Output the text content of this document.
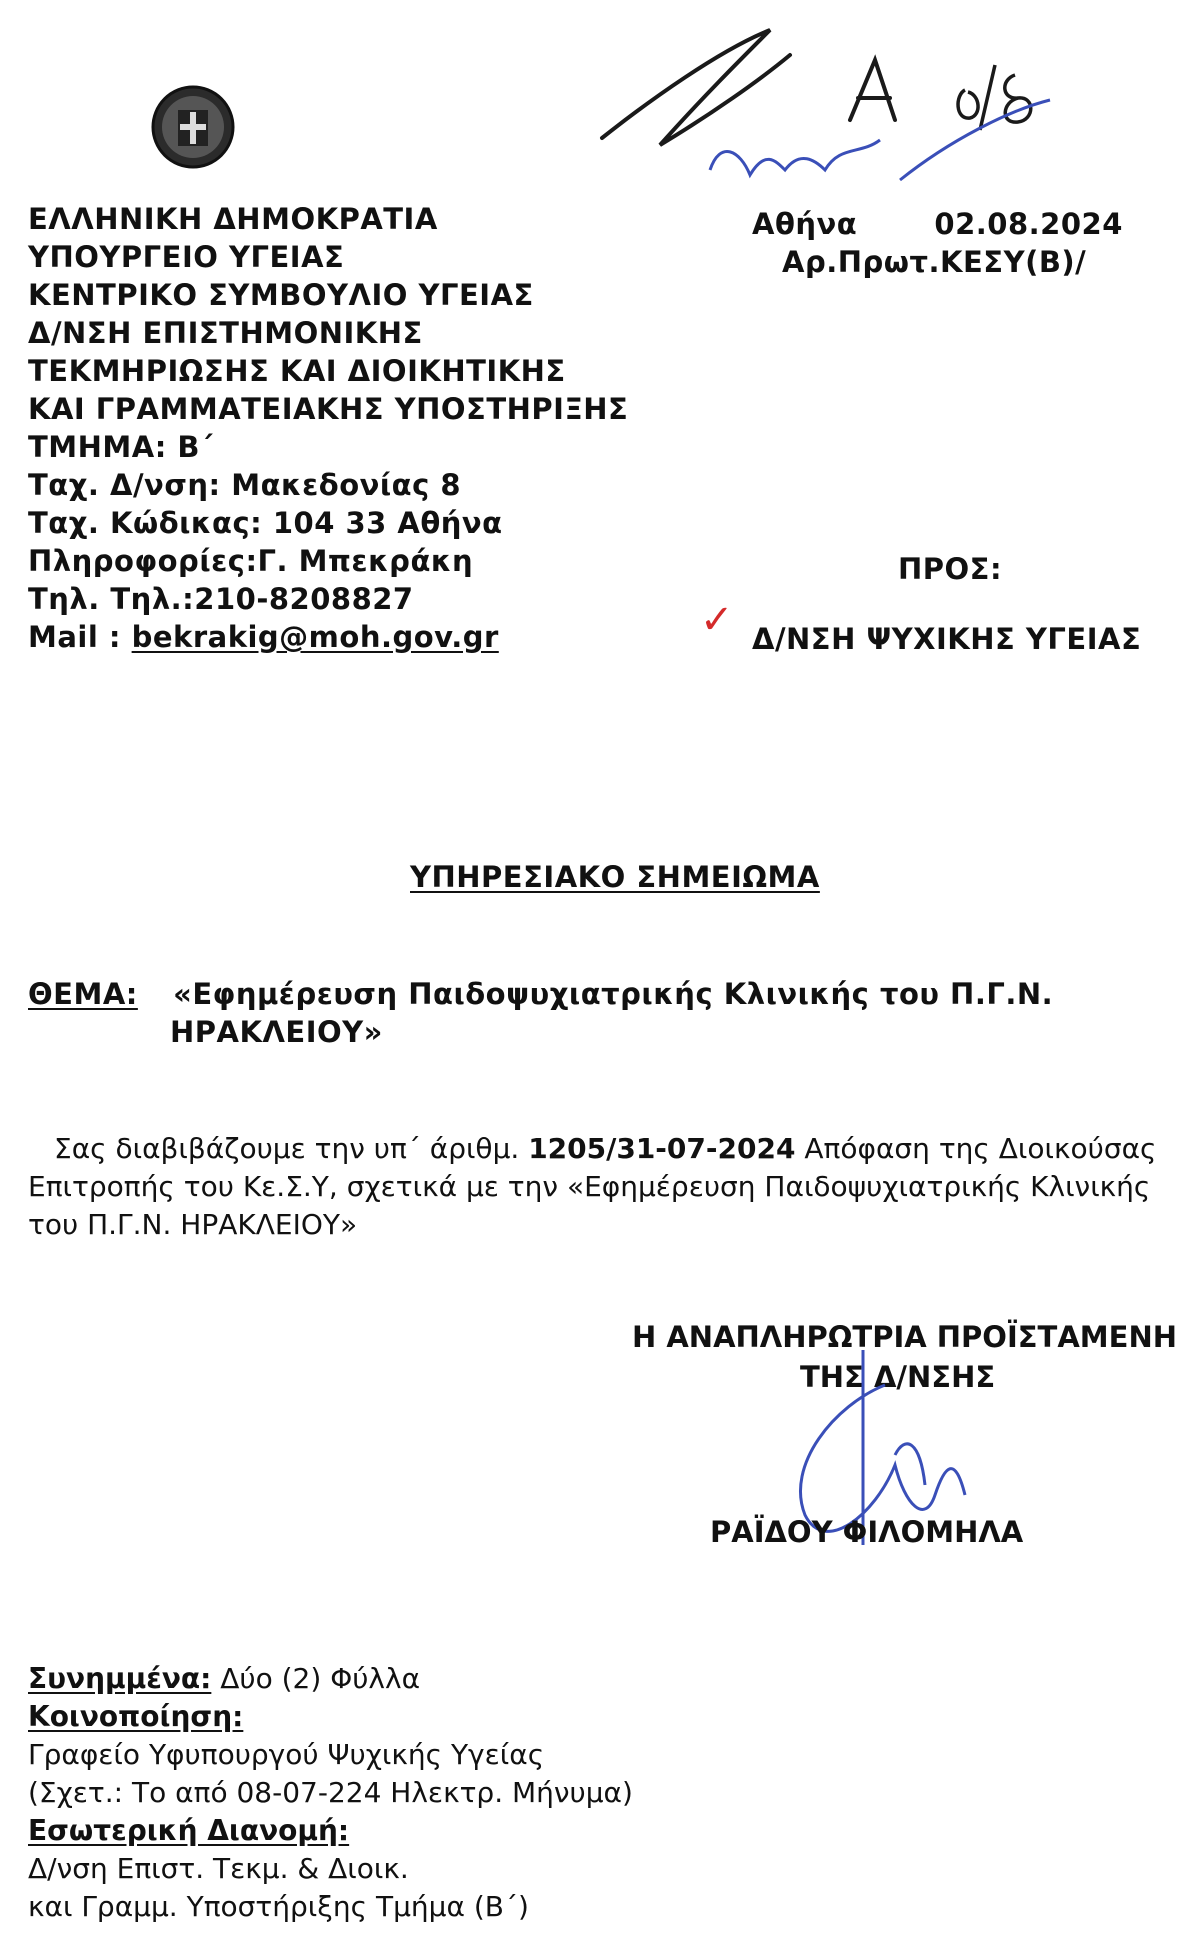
ΕΛΛΗΝΙΚΗ ΔΗΜΟΚΡΑΤΙΑ
ΥΠΟΥΡΓΕΙΟ ΥΓΕΙΑΣ
ΚΕΝΤΡΙΚΟ ΣΥΜΒΟΥΛΙΟ ΥΓΕΙΑΣ
Δ/ΝΣΗ ΕΠΙΣΤΗΜΟΝΙΚΗΣ
ΤΕΚΜΗΡΙΩΣΗΣ ΚΑΙ ΔΙΟΙΚΗΤΙΚΗΣ
ΚΑΙ ΓΡΑΜΜΑΤΕΙΑΚΗΣ ΥΠΟΣΤΗΡΙΞΗΣ
ΤΜΗΜΑ: Β΄
Ταχ. Δ/νση: Μακεδονίας 8
Ταχ. Κώδικας: 104 33 Αθήνα
Πληροφορίες:Γ. Μπεκράκη
Τηλ. Τηλ.:210-8208827
Mail : bekrakig@moh.gov.gr
Αθήνα	02.08.2024
Αρ.Πρωτ.ΚΕΣΥ(Β)/
ΠΡΟΣ:
✓ Δ/ΝΣΗ ΨΥΧΙΚΗΣ ΥΓΕΙΑΣ
ΥΠΗΡΕΣΙΑΚΟ ΣΗΜΕΙΩΜΑ
ΘΕΜΑ: «Εφημέρευση Παιδοψυχιατρικής Κλινικής του Π.Γ.Ν.
ΗΡΑΚΛΕΙΟΥ»
Σας διαβιβάζουμε την υπ΄ άριθμ. 1205/31-07-2024 Απόφαση της Διοικούσας Επιτροπής του Κε.Σ.Υ, σχετικά με την «Εφημέρευση Παιδοψυχιατρικής Κλινικής του Π.Γ.Ν. ΗΡΑΚΛΕΙΟΥ»
Η ΑΝΑΠΛΗΡΩΤΡΙΑ ΠΡΟΪΣΤΑΜΕΝΗ
ΤΗΣ Δ/ΝΣΗΣ
ΡΑΪΔΟΥ ΦΙΛΟΜΗΛΑ
Συνημμένα: Δύο (2) Φύλλα
Κοινοποίηση:
Γραφείο Υφυπουργού Ψυχικής Υγείας
(Σχετ.: Το από 08-07-224 Ηλεκτρ. Μήνυμα)
Εσωτερική Διανομή:
Δ/νση Επιστ. Τεκμ. & Διοικ.
και Γραμμ. Υποστήριξης Τμήμα (Β΄)
